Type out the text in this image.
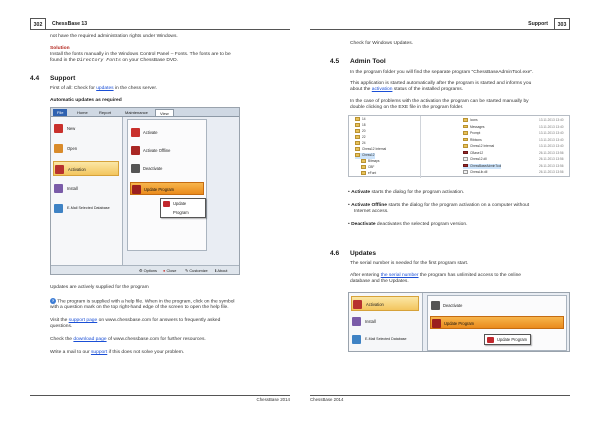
302	ChessBase 13
not have the required administration rights under Windows.
Solution
Install the fonts manually in the Windows Control Panel – Fonts. The fonts are to be
found in the Directory Fonts on your ChessBase DVD.
4.4 Support
First of all: Check for updates in the chess server.
Automatic updates as required
File	Home	Report	Maintenance	View
New
Open
Activation
Install
E-Mail Selected Database
Activate
Activate Offline
Deactivate
Update Program
Update Program
⚙ Options ● Close ✎ Customize ℹ About
Updates are actively supplied for the program
? The program is supplied with a help file. When in the program, click on the symbol
with a question mark on the top right-hand edge of the screen to open the help file.
Visit the support page on www.chessbase.com for answers to frequently asked
questions.
Check the download page of www.chessbase.com for further resources.
Write a mail to our support if this does not solve your problem.
ChessBase 2014
Support	303
Check for Windows Updates.
4.5 Admin Tool
In the program folder you will find the separate program "ChessBaseAdminTool.exe".
This application is started automatically after the program is started and informs you
about the activation status of the installed programs.
In the case of problems with the activation the program can be started manually by
double clicking on the EXE file in the program folder.
14
18
20
22
24
Chess12 Internal
Chess12
Bitmaps
CBF
eFont
Icons	13.11.2013 13:40
Messages	13.11.2013 13:40
Prompt	13.11.2013 13:40
Ribbons	13.11.2013 13:40
Chess12 Internal	13.11.2013 13:40
CBase12	26.11.2013 13:56
Chess12.dll	26.11.2013 13:56
ChessBaseAdminTool	26.11.2013 13:56
ChessLib.dll	26.11.2013 13:56
• Activate starts the dialog for the program activation.
• Activate Offline starts the dialog for the program activation on a computer without
Internet access.
• Deactivate deactivates the selected program version.
4.6 Updates
The serial number is needed for the first program start.
After entering the serial number the program has unlimited access to the online
database and the Updates.
Activation
Install
E-Mail Selected Database
Deactivate
Update Program
Update Program
ChessBase 2014
